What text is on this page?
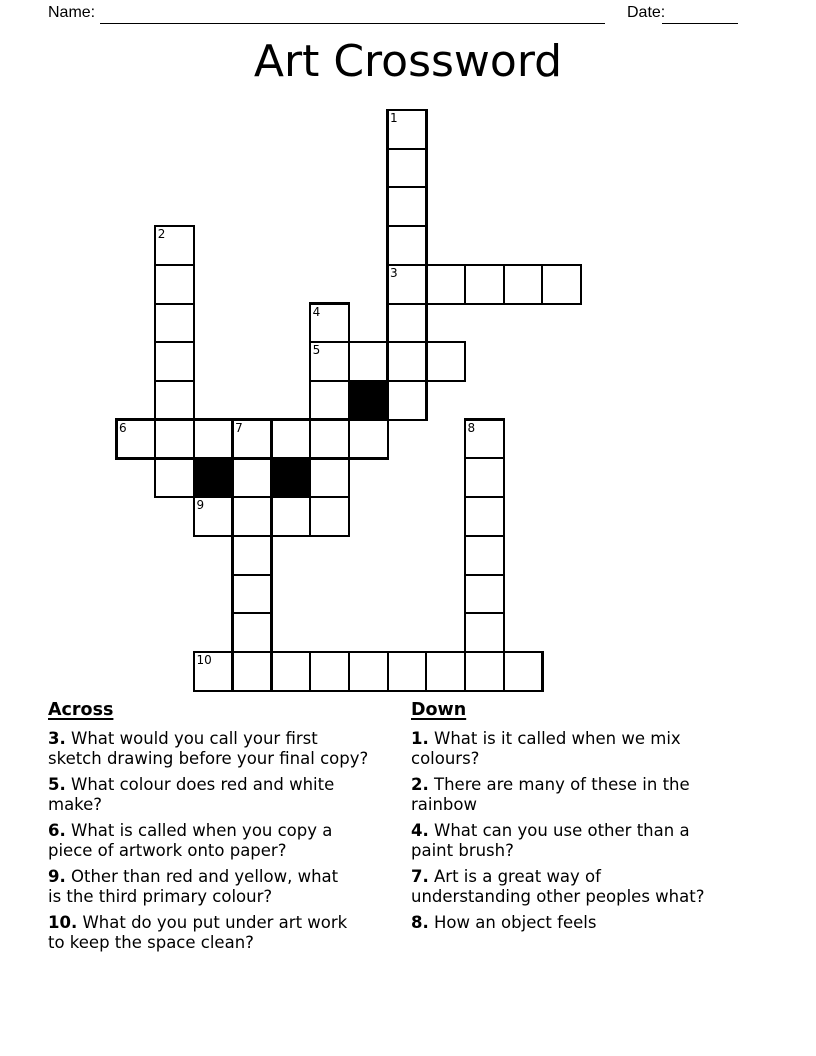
Name:	Date:
Art Crossword
1
2
3
4
5
6	7	8
9
10

Across

3. What would you call your first
sketch drawing before your final copy?
5. What colour does red and white
make?
6. What is called when you copy a
piece of artwork onto paper?
9. Other than red and yellow, what
is the third primary colour?
10. What do you put under art work
to keep the space clean?

Down

1. What is it called when we mix
colours?
2. There are many of these in the
rainbow
4. What can you use other than a
paint brush?
7. Art is a great way of
understanding other peoples what?
8. How an object feels
